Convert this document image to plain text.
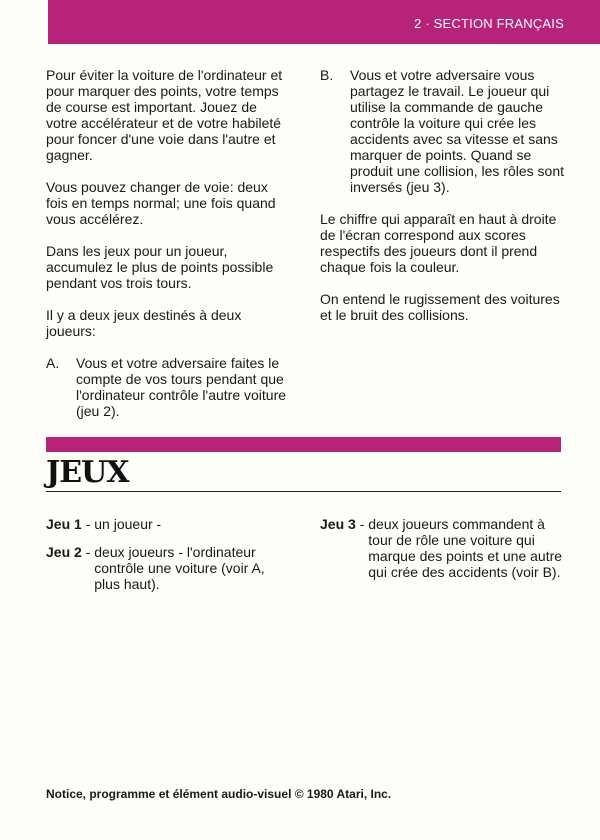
2 · SECTION FRANÇAIS

Pour éviter la voiture de l'ordinateur et pour marquer des points, votre temps de course est important. Jouez de votre accélérateur et de votre habileté pour foncer d'une voie dans l'autre et gagner.

Vous pouvez changer de voie: deux fois en temps normal; une fois quand vous accélérez.

Dans les jeux pour un joueur, accumulez le plus de points possible pendant vos trois tours.

Il y a deux jeux destinés à deux joueurs:

A.	Vous et votre adversaire faites le compte de vos tours pendant que l'ordinateur contrôle l'autre voiture (jeu 2).
B.	Vous et votre adversaire vous partagez le travail. Le joueur qui utilise la commande de gauche contrôle la voiture qui crée les accidents avec sa vitesse et sans marquer de points. Quand se produit une collision, les rôles sont inversés (jeu 3).

Le chiffre qui apparaît en haut à droite de l'écran correspond aux scores respectifs des joueurs dont il prend chaque fois la couleur.

On entend le rugissement des voitures et le bruit des collisions.

JEUX
Jeu 1 - un joueur -
Jeu 2 - deux joueurs - l'ordinateur contrôle une voiture (voir A, plus haut).
Jeu 3 - deux joueurs commandent à tour de rôle une voiture qui marque des points et une autre qui crée des accidents (voir B).
Notice, programme et élément audio-visuel © 1980 Atari, Inc.
